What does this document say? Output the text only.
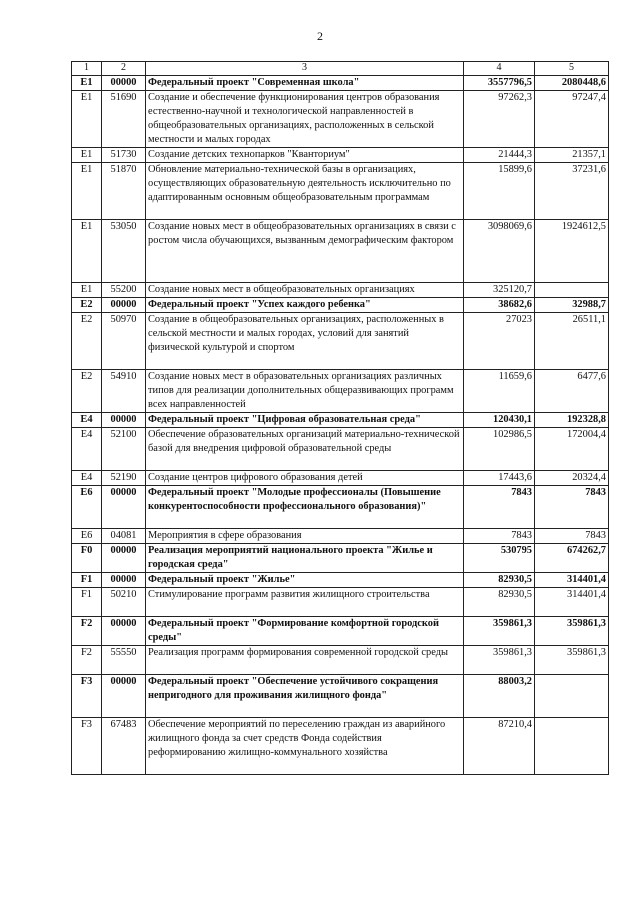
2
1	2	3	4	5
E1	00000	Федеральный проект "Современная школа"	3557796,5	2080448,6
E1	51690	Создание и обеспечение функционирования центров образования естественно-научной и технологической направленностей в общеобразовательных организациях, расположенных в сельской местности и малых городах	97262,3	97247,4
E1	51730	Создание детских технопарков "Кванториум"	21444,3	21357,1
E1	51870	Обновление материально-технической базы в организациях, осуществляющих образовательную деятельность исключительно по адаптированным основным общеобразовательным программам	15899,6	37231,6
E1	53050	Создание новых мест в общеобразовательных организациях в связи с ростом числа обучающихся, вызванным демографическим фактором	3098069,6	1924612,5
E1	55200	Создание новых мест в общеобразовательных организациях	325120,7	
E2	00000	Федеральный проект "Успех каждого ребенка"	38682,6	32988,7
E2	50970	Создание в общеобразовательных организациях, расположенных в сельской местности и малых городах, условий для занятий физической культурой и спортом	27023	26511,1
E2	54910	Создание новых мест в образовательных организациях различных типов для реализации дополнительных общеразвивающих программ всех направленностей	11659,6	6477,6
E4	00000	Федеральный проект "Цифровая образовательная среда"	120430,1	192328,8
E4	52100	Обеспечение образовательных организаций материально-технической базой для внедрения цифровой образовательной среды	102986,5	172004,4
E4	52190	Создание центров цифрового образования детей	17443,6	20324,4
E6	00000	Федеральный проект "Молодые профессионалы (Повышение конкурентоспособности профессионального образования)"	7843	7843
E6	04081	Мероприятия в сфере образования	7843	7843
F0	00000	Реализация мероприятий национального проекта "Жилье и городская среда"	530795	674262,7
F1	00000	Федеральный проект "Жилье"	82930,5	314401,4
F1	50210	Стимулирование программ развития жилищного строительства	82930,5	314401,4
F2	00000	Федеральный проект "Формирование комфортной городской среды"	359861,3	359861,3
F2	55550	Реализация программ формирования современной городской среды	359861,3	359861,3
F3	00000	Федеральный проект "Обеспечение устойчивого сокращения непригодного для проживания жилищного фонда"	88003,2	
F3	67483	Обеспечение мероприятий по переселению граждан из аварийного жилищного фонда за счет средств Фонда содействия реформированию жилищно-коммунального хозяйства	87210,4	
